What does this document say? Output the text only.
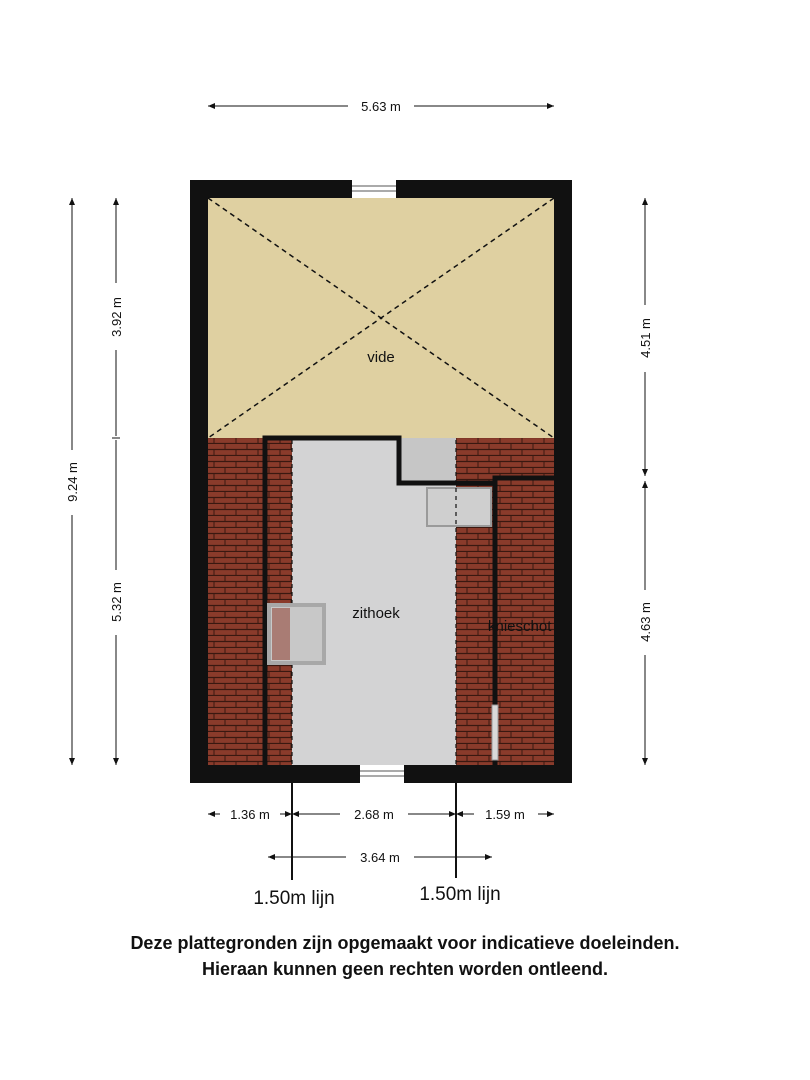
vide
zithoek
knieschot
5.63 m
9.24 m
3.92 m
5.32 m
4.51 m
4.63 m
1.36 m	2.68 m	1.59 m
3.64 m
1.50m lijn	1.50m lijn
Deze plattegronden zijn opgemaakt voor indicatieve doeleinden.
Hieraan kunnen geen rechten worden ontleend.
